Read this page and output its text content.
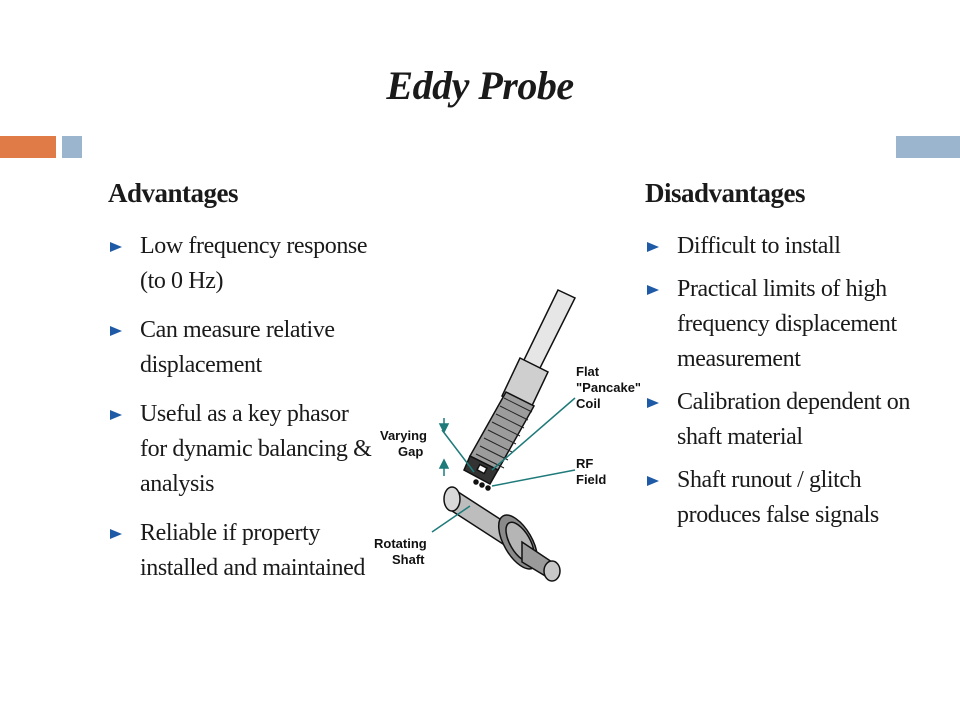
Eddy Probe
Advantages
Low frequency response (to 0 Hz)
Can measure relative displacement
Useful as a key phasor for dynamic balancing & analysis
Reliable if property installed and maintained
Disadvantages
Difficult to install
Practical limits of high frequency displacement measurement
Calibration dependent on shaft material
Shaft runout / glitch produces false signals
Flat
"Pancake"
Coil
Varying
Gap
RF
Field
Rotating
Shaft
